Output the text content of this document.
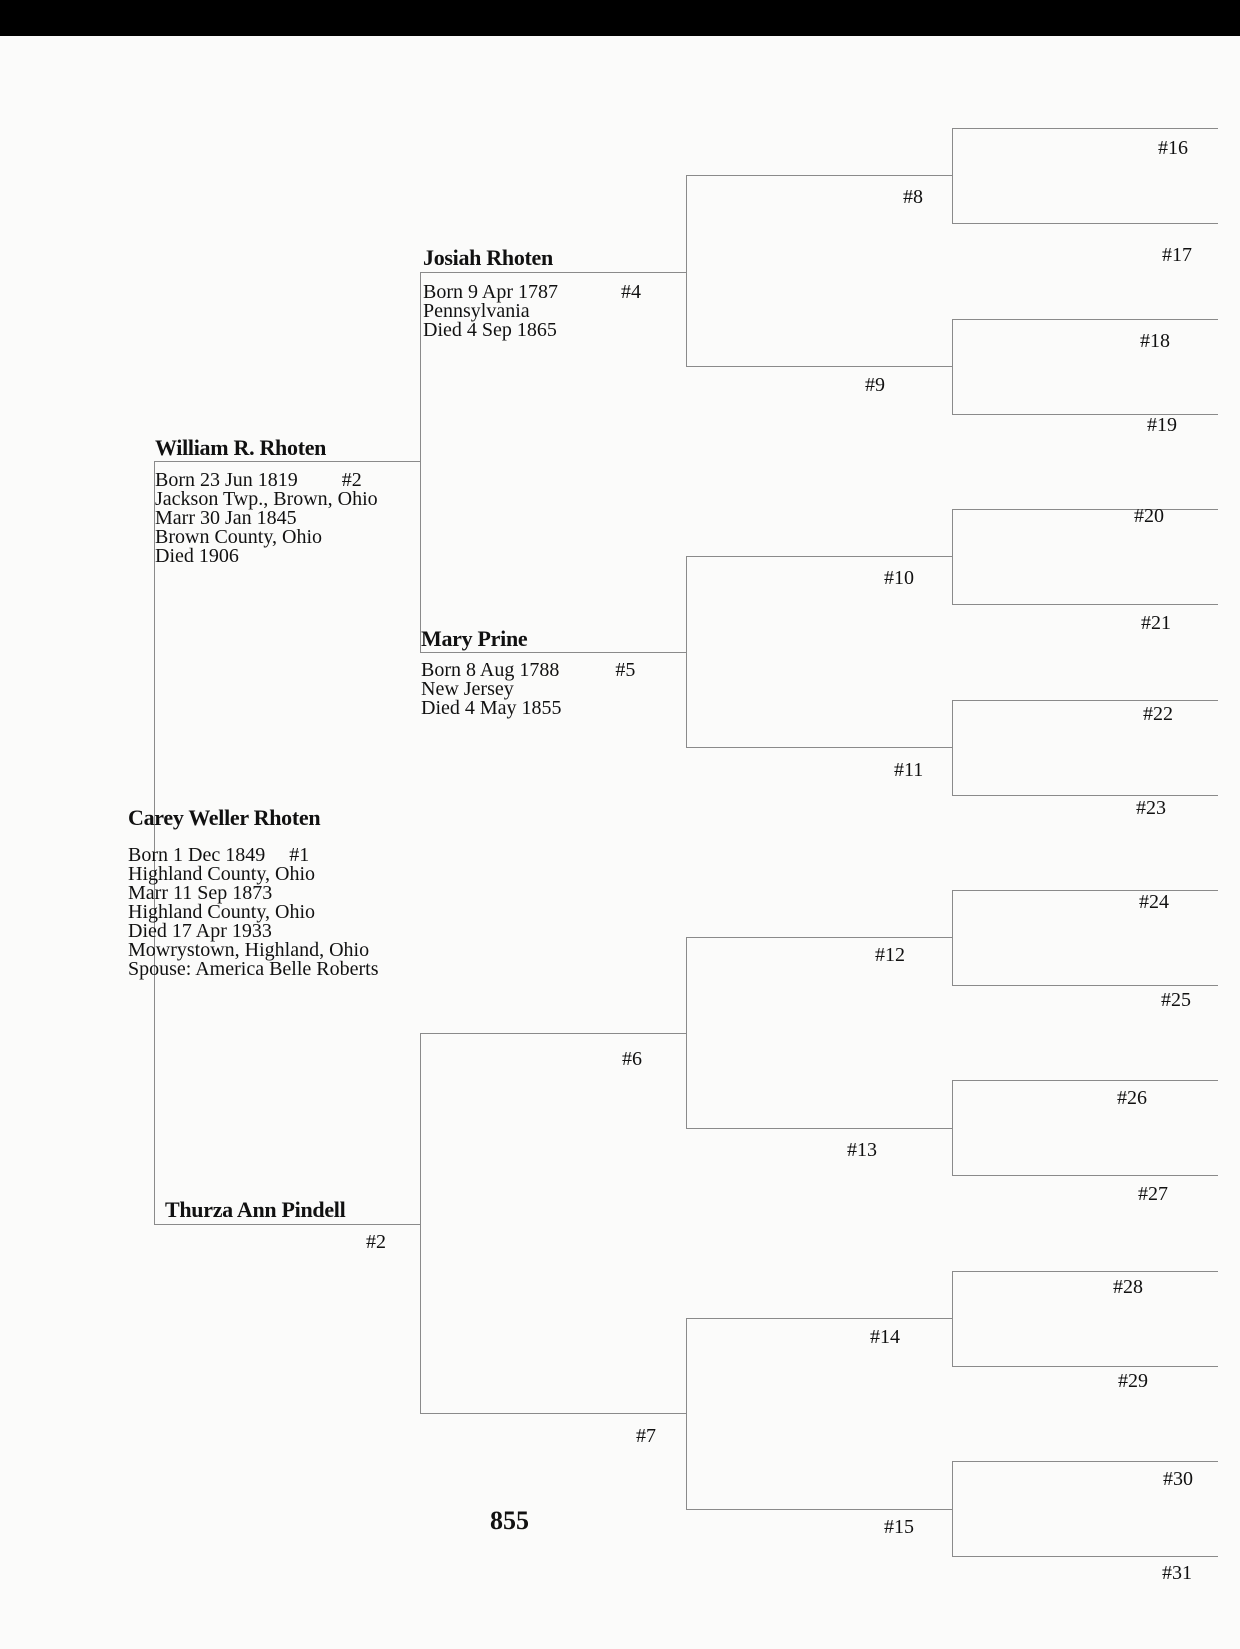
Carey Weller Rhoten
Born 1 Dec 1849 #1
Highland County, Ohio
Marr 11 Sep 1873
Highland County, Ohio
Died 17 Apr 1933
Mowrystown, Highland, Ohio
Spouse: America Belle Roberts
William R. Rhoten
Born 23 Jun 1819 #2
Jackson Twp., Brown, Ohio
Marr 30 Jan 1845
Brown County, Ohio
Died 1906
Thurza Ann Pindell
#2
Josiah Rhoten
Born 9 Apr 1787	#4
Pennsylvania
Died 4 Sep 1865
Mary Prine
Born 8 Aug 1788	#5
New Jersey
Died 4 May 1855
#6
#7
#8
#9
#10
#11
#12
#13
#14
#15
#16
#17
#18
#19
#20
#21
#22
#23
#24
#25
#26
#27
#28
#29
#30
#31
855
